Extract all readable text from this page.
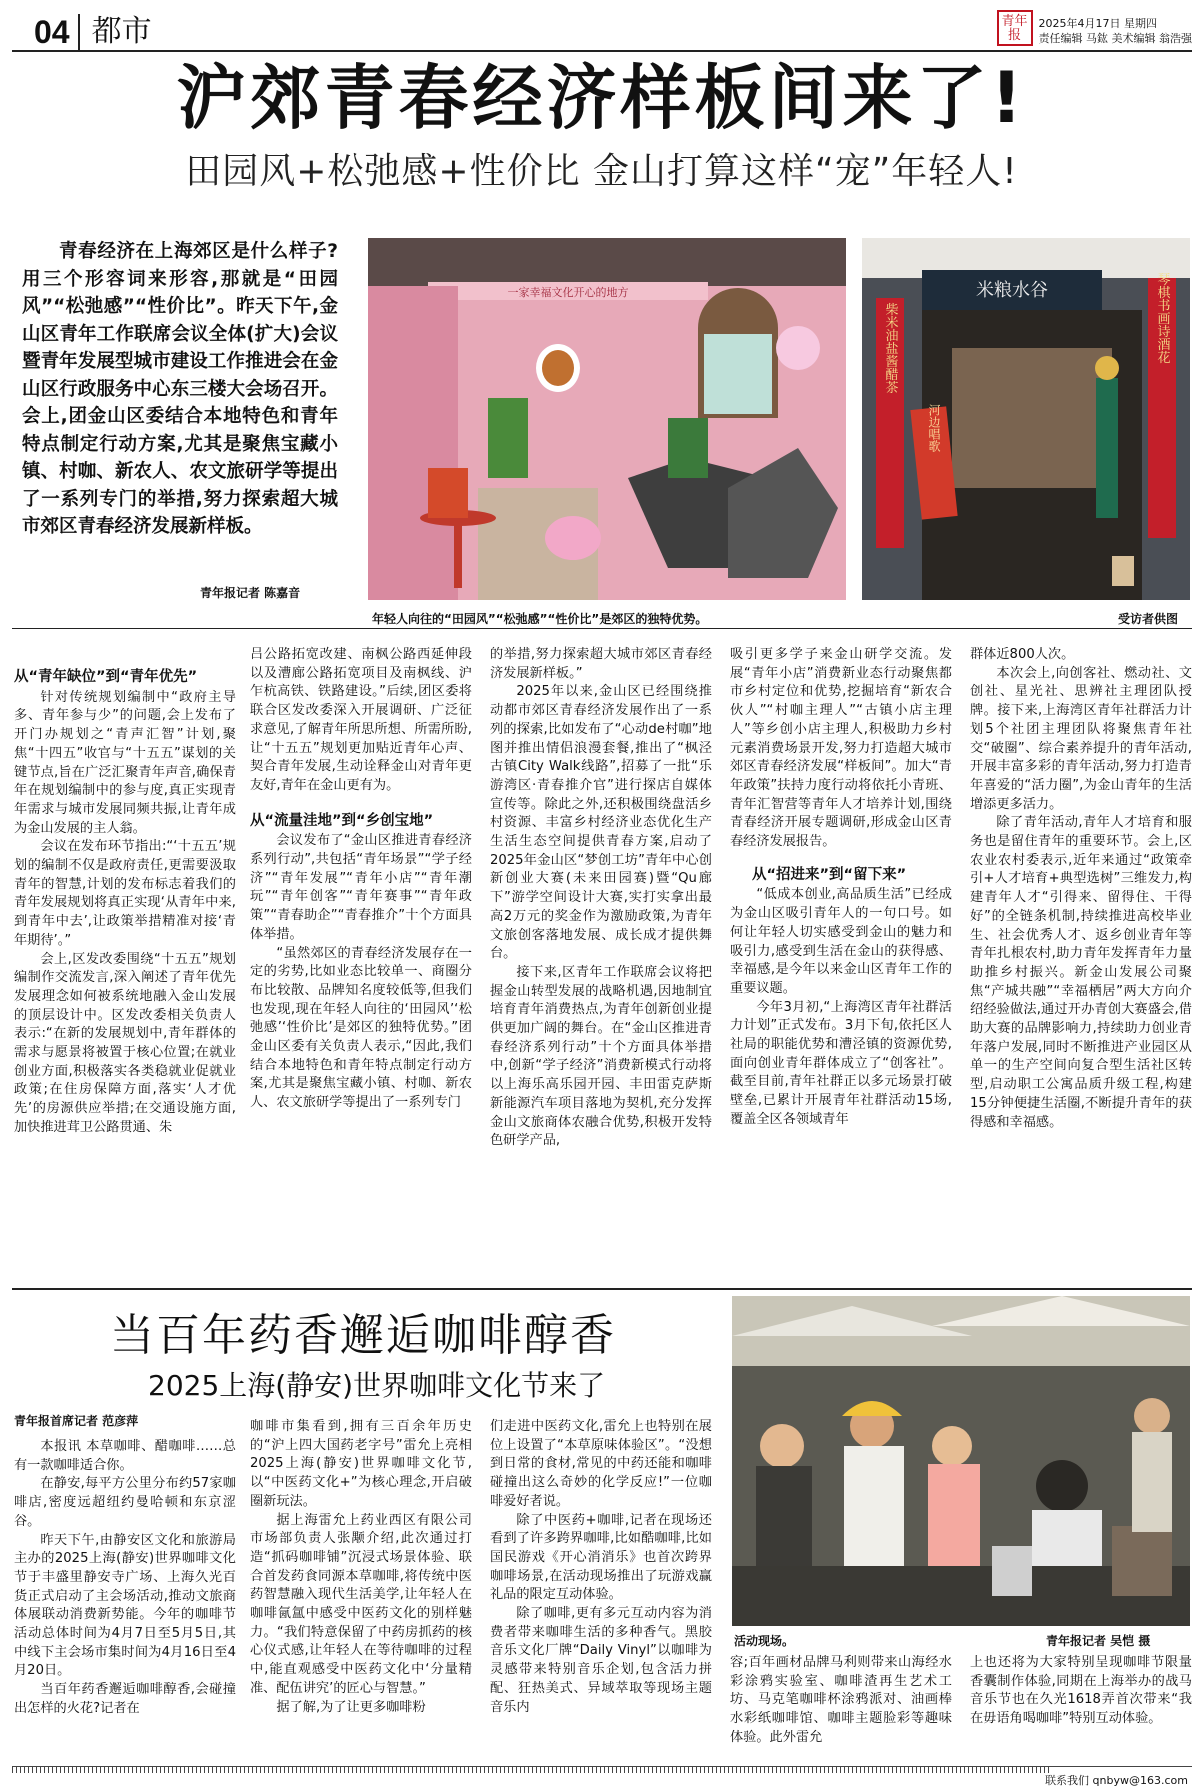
04 都市	青年报
2025年4月17日 星期四
责任编辑 马鈜 美术编辑 翁浩强
沪郊青春经济样板间来了!
田园风+松弛感+性价比 金山打算这样“宠”年轻人!
青春经济在上海郊区是什么样子?用三个形容词来形容,那就是“田园风”“松弛感”“性价比”。昨天下午,金山区青年工作联席会议全体(扩大)会议暨青年发展型城市建设工作推进会在金山区行政服务中心东三楼大会场召开。会上,团金山区委结合本地特色和青年特点制定行动方案,尤其是聚焦宝藏小镇、村咖、新农人、农文旅研学等提出了一系列专门的举措,努力探索超大城市郊区青春经济发展新样板。
青年报记者 陈嘉音
一家幸福文化开心的地方	米粮水谷
柴米油盐酱醋茶	琴棋书画诗酒花
河边唱歌
年轻人向往的“田园风”“松弛感”“性价比”是郊区的独特优势。	受访者供图

从“青年缺位”到“青年优先”

针对传统规划编制中“政府主导多、青年参与少”的问题,会上发布了开门办规划之“青声汇智”计划,聚焦“十四五”收官与“十五五”谋划的关键节点,旨在广泛汇聚青年声音,确保青年在规划编制中的参与度,真正实现青年需求与城市发展同频共振,让青年成为金山发展的主人翁。

会议在发布环节指出:“‘十五五’规划的编制不仅是政府责任,更需要汲取青年的智慧,计划的发布标志着我们的青年发展规划将真正实现‘从青年中来,到青年中去’,让政策举措精准对接‘青年期待’。”

会上,区发改委围绕“十五五”规划编制作交流发言,深入阐述了青年优先发展理念如何被系统地融入金山发展的顶层设计中。区发改委相关负责人表示:“在新的发展规划中,青年群体的需求与愿景将被置于核心位置;在就业创业方面,积极落实各类稳就业促就业政策;在住房保障方面,落实‘人才优先’的房源供应举措;在交通设施方面,加快推进茸卫公路贯通、朱

吕公路拓宽改建、南枫公路西延伸段以及漕廊公路拓宽项目及南枫线、沪乍杭高铁、铁路建设。”后续,团区委将联合区发改委深入开展调研、广泛征求意见,了解青年所思所想、所需所盼,让“十五五”规划更加贴近青年心声、契合青年发展,生动诠释金山对青年更友好,青年在金山更有为。

从“流量洼地”到“乡创宝地”

会议发布了“金山区推进青春经济系列行动”,共包括“青年场景”“学子经济”“青年发展”“青年小店”“青年潮玩”“青年创客”“青年赛事”“青年政策”“青春助企”“青春推介”十个方面具体举措。

“虽然郊区的青春经济发展存在一定的劣势,比如业态比较单一、商圈分布比较散、品牌知名度较低等,但我们也发现,现在年轻人向往的‘田园风’‘松弛感’‘性价比’是郊区的独特优势。”团金山区委有关负责人表示,“因此,我们结合本地特色和青年特点制定行动方案,尤其是聚焦宝藏小镇、村咖、新农人、农文旅研学等提出了一系列专门

的举措,努力探索超大城市郊区青春经济发展新样板。”

2025年以来,金山区已经围绕推动都市郊区青春经济发展作出了一系列的探索,比如发布了“心动de村咖”地图并推出情侣浪漫套餐,推出了“枫泾古镇City Walk线路”,招募了一批“乐游湾区·青春推介官”进行探店自媒体宣传等。除此之外,还积极围绕盘活乡村资源、丰富乡村经济业态优化生产生活生态空间提供青春方案,启动了2025年金山区“梦创工坊”青年中心创新创业大赛(未来田园赛)暨“Qu廊下”游学空间设计大赛,实打实拿出最高2万元的奖金作为激励政策,为青年文旅创客落地发展、成长成才提供舞台。

接下来,区青年工作联席会议将把握金山转型发展的战略机遇,因地制宜培育青年消费热点,为青年创新创业提供更加广阔的舞台。在“金山区推进青春经济系列行动”十个方面具体举措中,创新“学子经济”消费新模式行动将以上海乐高乐园开园、丰田雷克萨斯新能源汽车项目落地为契机,充分发挥金山文旅商体农融合优势,积极开发特色研学产品,

吸引更多学子来金山研学交流。发展“青年小店”消费新业态行动聚焦都市乡村定位和优势,挖掘培育“新农合伙人”“村咖主理人”“古镇小店主理人”等乡创小店主理人,积极助力乡村元素消费场景开发,努力打造超大城市郊区青春经济发展“样板间”。加大“青年政策”扶持力度行动将依托小青班、青年汇智营等青年人才培养计划,围绕青春经济开展专题调研,形成金山区青春经济发展报告。

从“招进来”到“留下来”

“低成本创业,高品质生活”已经成为金山区吸引青年人的一句口号。如何让年轻人切实感受到金山的魅力和吸引力,感受到生活在金山的获得感、幸福感,是今年以来金山区青年工作的重要议题。

今年3月初,“上海湾区青年社群活力计划”正式发布。3月下旬,依托区人社局的职能优势和漕泾镇的资源优势,面向创业青年群体成立了“创客社”。截至目前,青年社群正以多元场景打破壁垒,已累计开展青年社群活动15场,覆盖全区各领域青年

群体近800人次。

本次会上,向创客社、燃动社、文创社、星光社、思辨社主理团队授牌。接下来,上海湾区青年社群活力计划5个社团主理团队将聚焦青年社交“破圈”、综合素养提升的青年活动,开展丰富多彩的青年活动,努力打造青年喜爱的“活力圈”,为金山青年的生活增添更多活力。

除了青年活动,青年人才培育和服务也是留住青年的重要环节。会上,区农业农村委表示,近年来通过“政策牵引+人才培育+典型选树”三维发力,构建青年人才“引得来、留得住、干得好”的全链条机制,持续推进高校毕业生、社会优秀人才、返乡创业青年等青年扎根农村,助力青年发挥青年力量助推乡村振兴。新金山发展公司聚焦“产城共融”“幸福栖居”两大方向介绍经验做法,通过开办青创大赛盛会,借助大赛的品牌影响力,持续助力创业青年落户发展,同时不断推进产业园区从单一的生产空间向复合型生活社区转型,启动职工公寓品质升级工程,构建15分钟便捷生活圈,不断提升青年的获得感和幸福感。

当百年药香邂逅咖啡醇香
2025上海(静安)世界咖啡文化节来了
活动现场。	青年报记者 吴恺 摄
青年报首席记者 范彦萍

本报讯 本草咖啡、醋咖啡……总有一款咖啡适合你。

在静安,每平方公里分布约57家咖啡店,密度远超纽约曼哈顿和东京涩谷。

昨天下午,由静安区文化和旅游局主办的2025上海(静安)世界咖啡文化节于丰盛里静安寺广场、上海久光百货正式启动了主会场活动,推动文旅商体展联动消费新势能。今年的咖啡节活动总体时间为4月7日至5月5日,其中线下主会场市集时间为4月16日至4月20日。

当百年药香邂逅咖啡醇香,会碰撞出怎样的火花?记者在

咖啡市集看到,拥有三百余年历史的“沪上四大国药老字号”雷允上亮相2025上海(静安)世界咖啡文化节,以“中医药文化+”为核心理念,开启破圈新玩法。

据上海雷允上药业西区有限公司市场部负责人张颙介绍,此次通过打造“抓码咖啡铺”沉浸式场景体验、联合首发药食同源本草咖啡,将传统中医药智慧融入现代生活美学,让年轻人在咖啡氤氲中感受中医药文化的别样魅力。“我们特意保留了中药房抓药的核心仪式感,让年轻人在等待咖啡的过程中,能直观感受中医药文化中‘分量精准、配伍讲究’的匠心与智慧。”

据了解,为了让更多咖啡粉

们走进中医药文化,雷允上也特别在展位上设置了“本草原味体验区”。“没想到日常的食材,常见的中药还能和咖啡碰撞出这么奇妙的化学反应!”一位咖啡爱好者说。

除了中医药+咖啡,记者在现场还看到了许多跨界咖啡,比如酷咖啡,比如国民游戏《开心消消乐》也首次跨界咖啡场景,在活动现场推出了玩游戏赢礼品的限定互动体验。

除了咖啡,更有多元互动内容为消费者带来咖啡生活的多种香气。黑胶音乐文化厂牌“Daily Vinyl”以咖啡为灵感带来特别音乐企划,包含活力拼配、狂热美式、异域萃取等现场主题音乐内

容;百年画材品牌马利则带来山海经水彩涂鸦实验室、咖啡渣再生艺术工坊、马克笔咖啡杯涂鸦派对、油画棒水彩纸咖啡馆、咖啡主题脸彩等趣味体验。此外雷允

上也还将为大家特别呈现咖啡节限量香囊制作体验,同期在上海举办的战马音乐节也在久光1618弄首次带来“我在毋语角喝咖啡”特别互动体验。

联系我们 qnbyw@163.com
